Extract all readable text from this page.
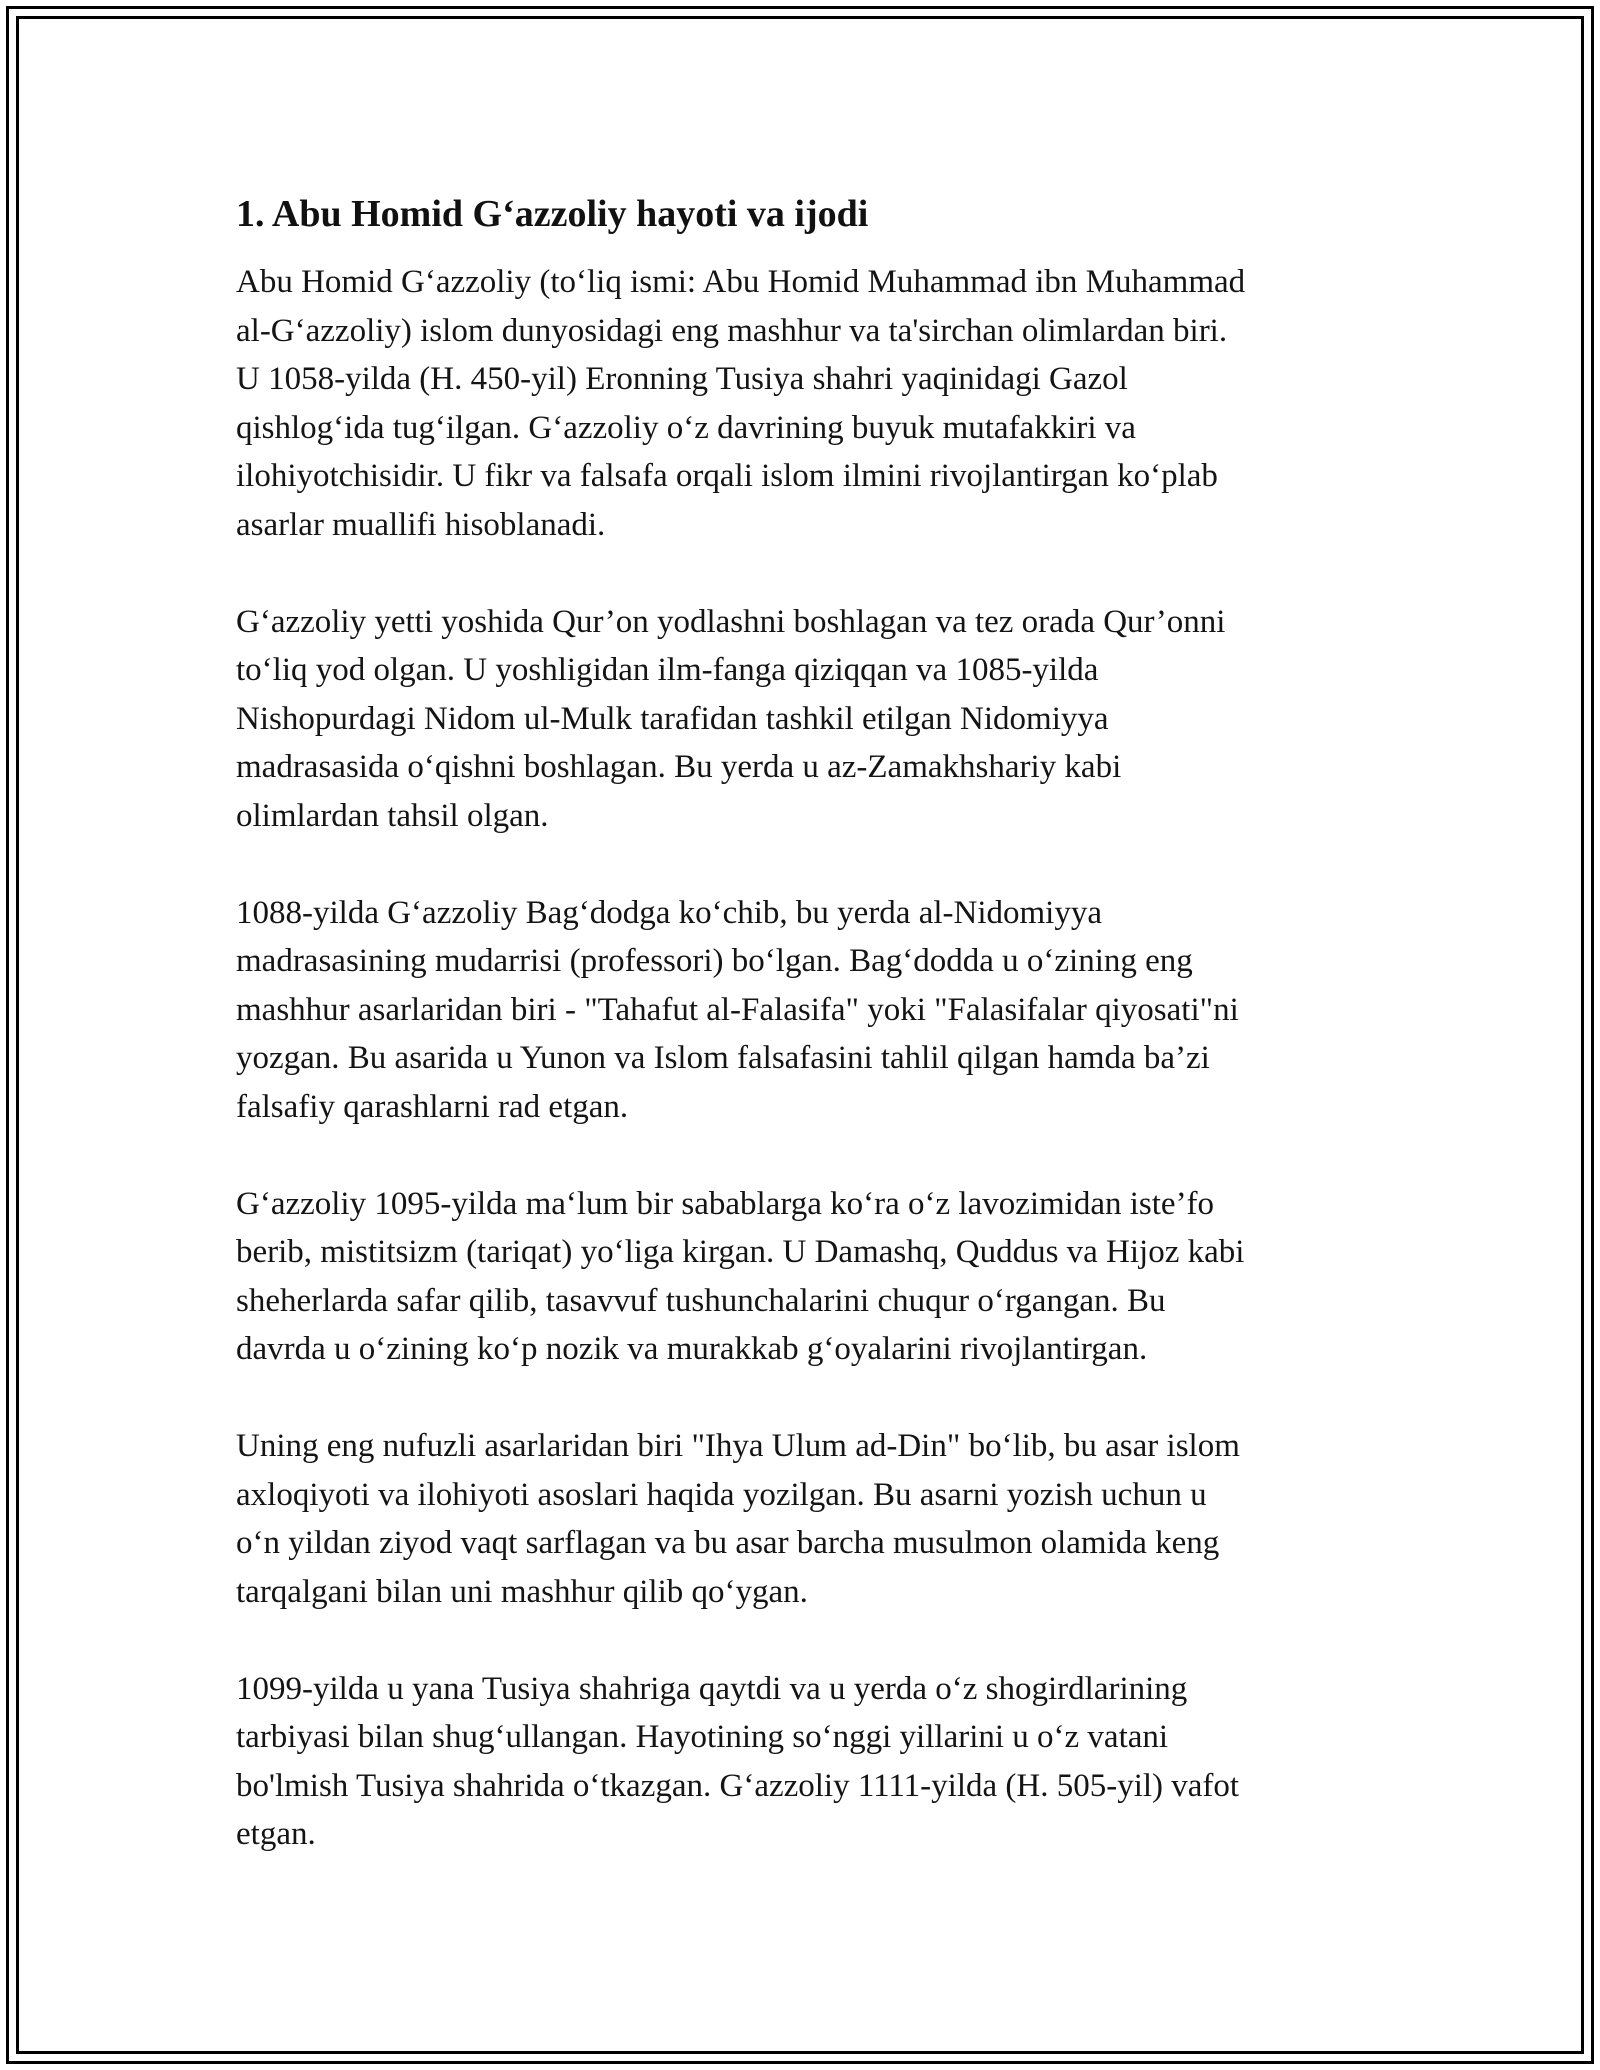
1. Abu Homid G‘azzoliy hayoti va ijodi

Abu Homid G‘azzoliy (to‘liq ismi: Abu Homid Muhammad ibn Muhammad
al-G‘azzoliy) islom dunyosidagi eng mashhur va ta'sirchan olimlardan biri.
U 1058-yilda (H. 450-yil) Eronning Tusiya shahri yaqinidagi Gazol
qishlog‘ida tug‘ilgan. G‘azzoliy o‘z davrining buyuk mutafakkiri va
ilohiyotchisidir. U fikr va falsafa orqali islom ilmini rivojlantirgan ko‘plab
asarlar muallifi hisoblanadi.

G‘azzoliy yetti yoshida Qur’on yodlashni boshlagan va tez orada Qur’onni
to‘liq yod olgan. U yoshligidan ilm-fanga qiziqqan va 1085-yilda
Nishopurdagi Nidom ul-Mulk tarafidan tashkil etilgan Nidomiyya
madrasasida o‘qishni boshlagan. Bu yerda u az-Zamakhshariy kabi
olimlardan tahsil olgan.

1088-yilda G‘azzoliy Bag‘dodga ko‘chib, bu yerda al-Nidomiyya
madrasasining mudarrisi (professori) bo‘lgan. Bag‘dodda u o‘zining eng
mashhur asarlaridan biri - "Tahafut al-Falasifa" yoki "Falasifalar qiyosati"ni
yozgan. Bu asarida u Yunon va Islom falsafasini tahlil qilgan hamda ba’zi
falsafiy qarashlarni rad etgan.

G‘azzoliy 1095-yilda ma‘lum bir sabablarga ko‘ra o‘z lavozimidan iste’fo
berib, mistitsizm (tariqat) yo‘liga kirgan. U Damashq, Quddus va Hijoz kabi
sheherlarda safar qilib, tasavvuf tushunchalarini chuqur o‘rgangan. Bu
davrda u o‘zining ko‘p nozik va murakkab g‘oyalarini rivojlantirgan.

Uning eng nufuzli asarlaridan biri "Ihya Ulum ad-Din" bo‘lib, bu asar islom
axloqiyoti va ilohiyoti asoslari haqida yozilgan. Bu asarni yozish uchun u
o‘n yildan ziyod vaqt sarflagan va bu asar barcha musulmon olamida keng
tarqalgani bilan uni mashhur qilib qo‘ygan.

1099-yilda u yana Tusiya shahriga qaytdi va u yerda o‘z shogirdlarining
tarbiyasi bilan shug‘ullangan. Hayotining so‘nggi yillarini u o‘z vatani
bo'lmish Tusiya shahrida o‘tkazgan. G‘azzoliy 1111-yilda (H. 505-yil) vafot
etgan.
